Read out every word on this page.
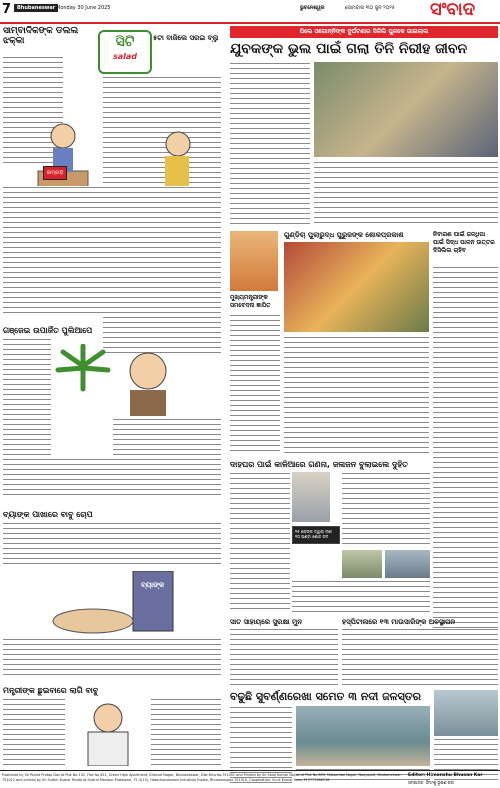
7	Bhubaneswar Monday 30 June 2025	ଭୁବନେଶ୍ୱର	ସୋମବାର ୩୦ ଜୁନ ୨୦୨୫ ସଂବାଦ
ସାମ୍ବାଦିକଙ୍କ ଡଲଲ ଝକ୍କା	ସିଟି
salad
୫ଟା ବାଜିଲେ ସରଇ ବ୍ଲୁ
ଜାମ୍ବାଡ଼ି
ଗଞ୍ଜେଇ ଉପାର୍ଜିତ ପୁଲିଆପେ
ବ୍ୟାଙ୍କ ପାଖାରେ ବାବୁ ଚୋପ
ବ୍ୟାଙ୍କ
ମନ୍ତ୍ରୀଙ୍କ ଛୁଇବାରେ ଲାଗି ବାବୁ
ପିଲେ ଓଗୋନ୍ନିଙ୍କ ଦୁର୍ଘଟଣାର ସିଳିଲି ପୁଳକେ ଭାଇଲାଲ
ଯୁବକଙ୍କ ଭୁଲ ପାଇଁ ଗଲା ତିନି ନିରୀହ ଜୀବନ
ମୁଖ୍ୟମନ୍ତ୍ରୀଙ୍କ ସମବେଦନା ଜ୍ଞାପିତ
ଗୁଣ୍ଡିଚା ପୁଲାରୁଦ୍ଧ ପୁରୁଜଙ୍କ ଶୋକପ୍ରକାଶ	ନିବାରଣ ପାଇଁ ଜଳଧିପା ପାଇଁ ସିଦ୍ଧ ପାଳନ ଉତ୍ତର ଦିସିଲିଲ ଚାହିବ
ଦାହଘର ପାଇଁ କାଳିଆରେ ଗଣନା, ଜଳାଜନ ବୁଲାଇଲେ ଦୁହିତ
୧୫ ଶବଙ୍କ ଦ୍ୱାରା ଲାଶ ୧୦ ଘଣ୍ଟା ଶୋକ ଜଳ
ସାତ ସାହାୟରେ ସୁରକ୍ଷା ମୁନ	ହସ୍ପିଟାଲରେ ୧୩ ମାଉସାରିଙ୍କ ଅବସ୍ଥାପନ
ବଢୁଛି ସୁବର୍ଣ୍ଣରେଖା ସମେତ ୩ ନଦୀ ଜଳସ୍ତର
Published by Sri Rudra Pratap Das at Plot No 132, Flat No 821, Green High Apartment, Kharvel Nagar, Bhubaneswar, Dist-Khurda-751001 and Printed by Sri Saroj Kumar Nayak of Plot No 895, Nilasamba Nagar, Naayapali, Bhubaneswar-751012 and printed by Sri Sudhir Kumar Panda at Hybrid Manipur-Pratatone, 75-3(13), Hatachandamani Industrial Estate, Bhubaneswar-751010, Cooperation: Sunil Kumar Hota, M 9777466716
Editor: Himanshu Bhusan Kar
ସମ୍ପାଦକ: ହିମାଂଶୁ ଭୂଷଣ କର
